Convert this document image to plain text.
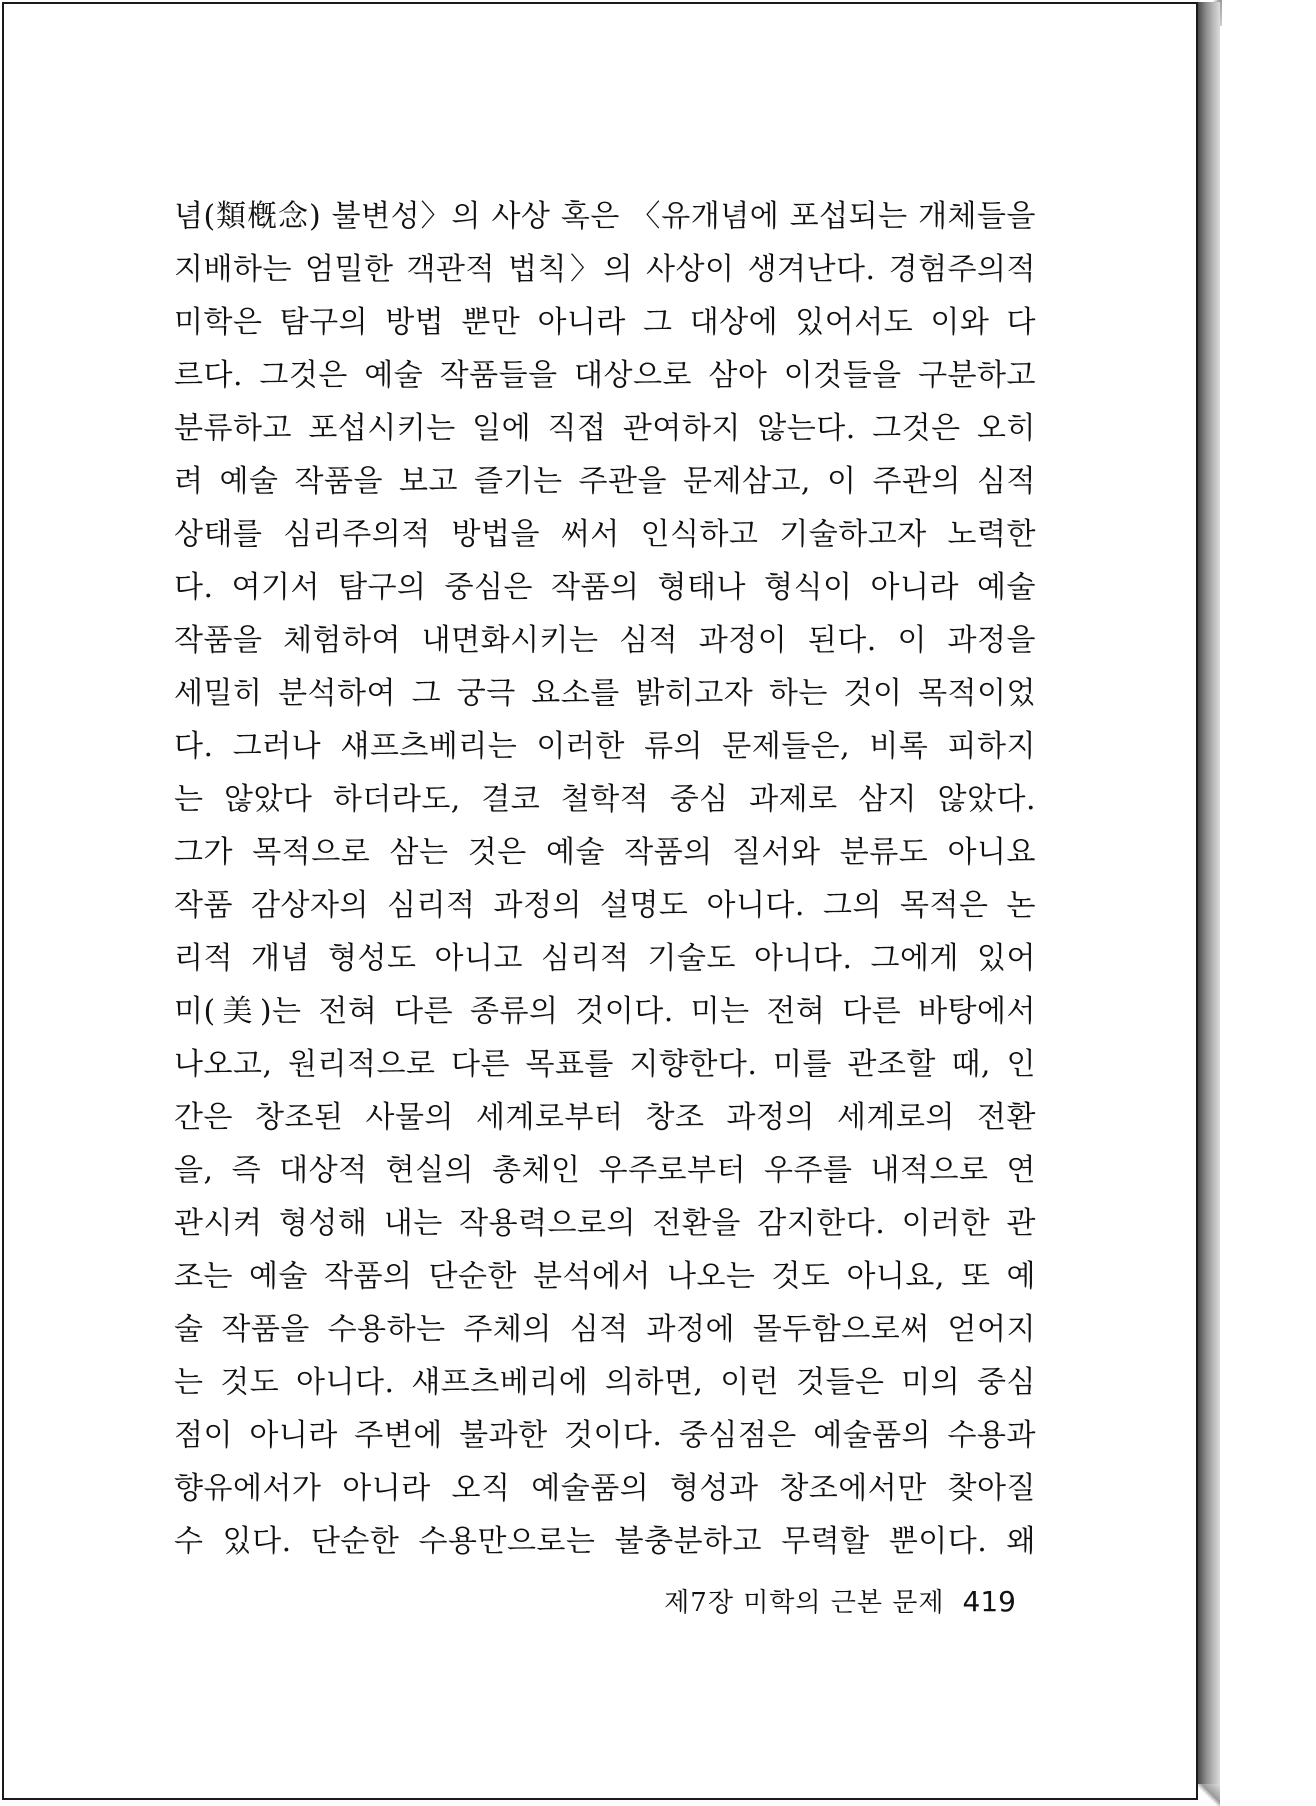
념(類槪念) 불변성〉의 사상 혹은 〈유개념에 포섭되는 개체들을
지배하는 엄밀한 객관적 법칙〉의 사상이 생겨난다. 경험주의적
미학은 탐구의 방법 뿐만 아니라 그 대상에 있어서도 이와 다
르다. 그것은 예술 작품들을 대상으로 삼아 이것들을 구분하고
분류하고 포섭시키는 일에 직접 관여하지 않는다. 그것은 오히
려 예술 작품을 보고 즐기는 주관을 문제삼고, 이 주관의 심적
상태를 심리주의적 방법을 써서 인식하고 기술하고자 노력한
다. 여기서 탐구의 중심은 작품의 형태나 형식이 아니라 예술
작품을 체험하여 내면화시키는 심적 과정이 된다. 이 과정을
세밀히 분석하여 그 궁극 요소를 밝히고자 하는 것이 목적이었
다. 그러나 섀프츠베리는 이러한 류의 문제들은, 비록 피하지
는 않았다 하더라도, 결코 철학적 중심 과제로 삼지 않았다.
그가 목적으로 삼는 것은 예술 작품의 질서와 분류도 아니요
작품 감상자의 심리적 과정의 설명도 아니다. 그의 목적은 논
리적 개념 형성도 아니고 심리적 기술도 아니다. 그에게 있어
미(美)는 전혀 다른 종류의 것이다. 미는 전혀 다른 바탕에서
나오고, 원리적으로 다른 목표를 지향한다. 미를 관조할 때, 인
간은 창조된 사물의 세계로부터 창조 과정의 세계로의 전환
을, 즉 대상적 현실의 총체인 우주로부터 우주를 내적으로 연
관시켜 형성해 내는 작용력으로의 전환을 감지한다. 이러한 관
조는 예술 작품의 단순한 분석에서 나오는 것도 아니요, 또 예
술 작품을 수용하는 주체의 심적 과정에 몰두함으로써 얻어지
는 것도 아니다. 섀프츠베리에 의하면, 이런 것들은 미의 중심
점이 아니라 주변에 불과한 것이다. 중심점은 예술품의 수용과
향유에서가 아니라 오직 예술품의 형성과 창조에서만 찾아질
수 있다. 단순한 수용만으로는 불충분하고 무력할 뿐이다. 왜
제7장 미학의 근본 문제 419
